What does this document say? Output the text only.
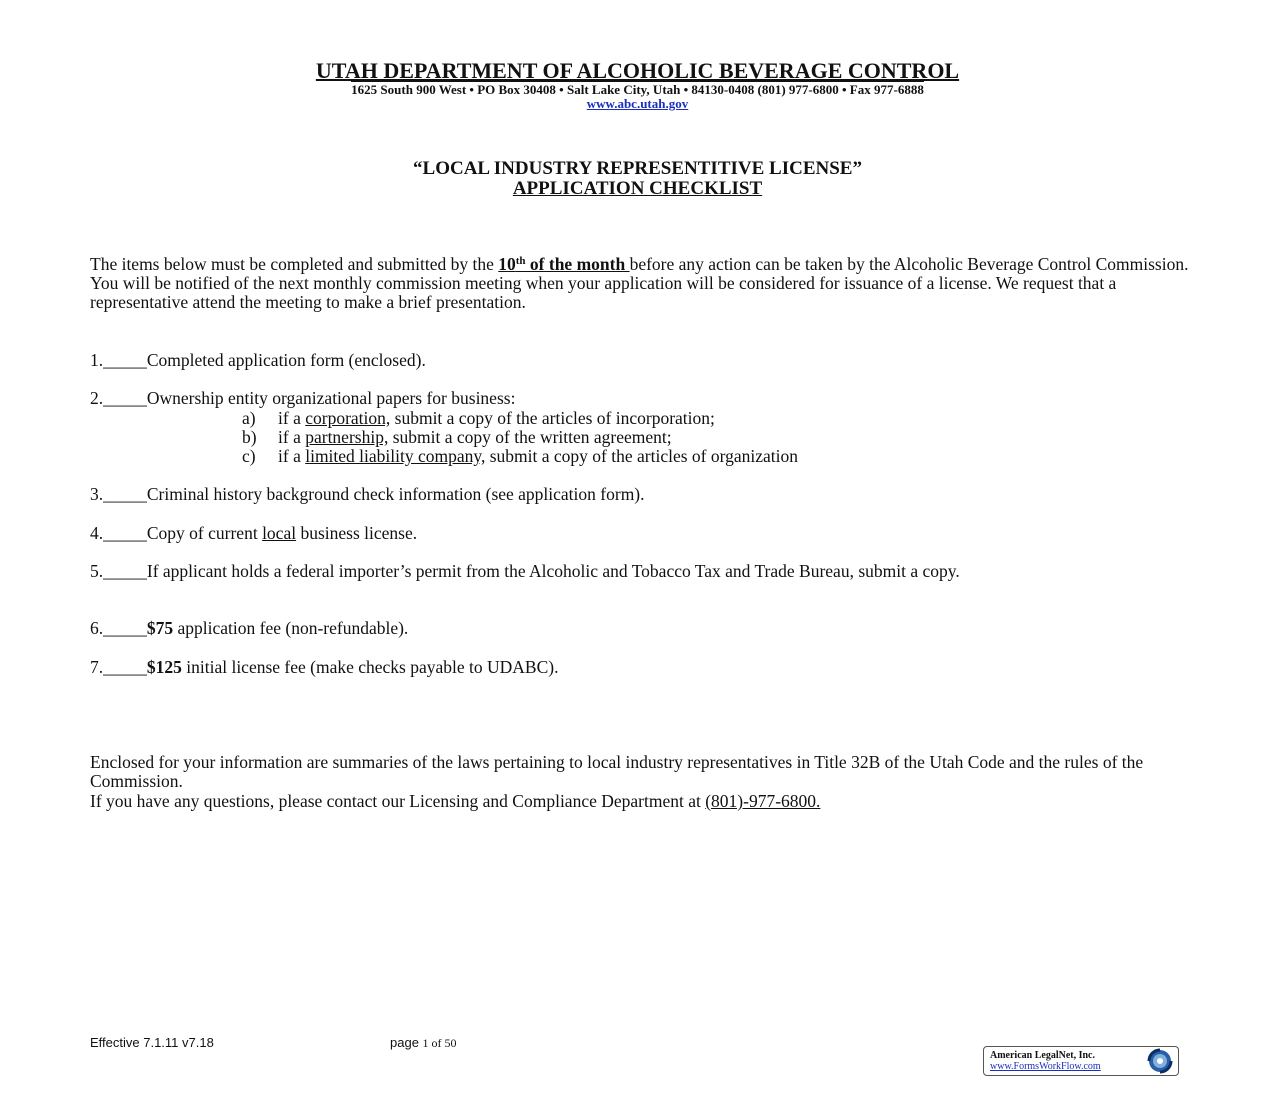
UTAH DEPARTMENT OF ALCOHOLIC BEVERAGE CONTROL
1625 South 900 West • PO Box 30408 • Salt Lake City, Utah • 84130-0408 (801) 977-6800 • Fax 977-6888
www.abc.utah.gov
“LOCAL INDUSTRY REPRESENTITIVE LICENSE”
APPLICATION CHECKLIST
The items below must be completed and submitted by the 10th of the month before any action can be taken by the Alcoholic Beverage Control Commission. You will be notified of the next monthly commission meeting when your application will be considered for issuance of a license. We request that a representative attend the meeting to make a brief presentation.
1._____Completed application form (enclosed).
2._____Ownership entity organizational papers for business:
a) if a corporation, submit a copy of the articles of incorporation;
b) if a partnership, submit a copy of the written agreement;
c) if a limited liability company, submit a copy of the articles of organization
3._____Criminal history background check information (see application form).
4._____Copy of current local business license.
5._____If applicant holds a federal importer’s permit from the Alcoholic and Tobacco Tax and Trade Bureau, submit a copy.
6._____$75 application fee (non-refundable).
7._____$125 initial license fee (make checks payable to UDABC).
Enclosed for your information are summaries of the laws pertaining to local industry representatives in Title 32B of the Utah Code and the rules of the Commission.
If you have any questions, please contact our Licensing and Compliance Department at (801)-977-6800.
Effective 7.1.11 v7.18	page 1 of 50
American LegalNet, Inc.
www.FormsWorkFlow.com
